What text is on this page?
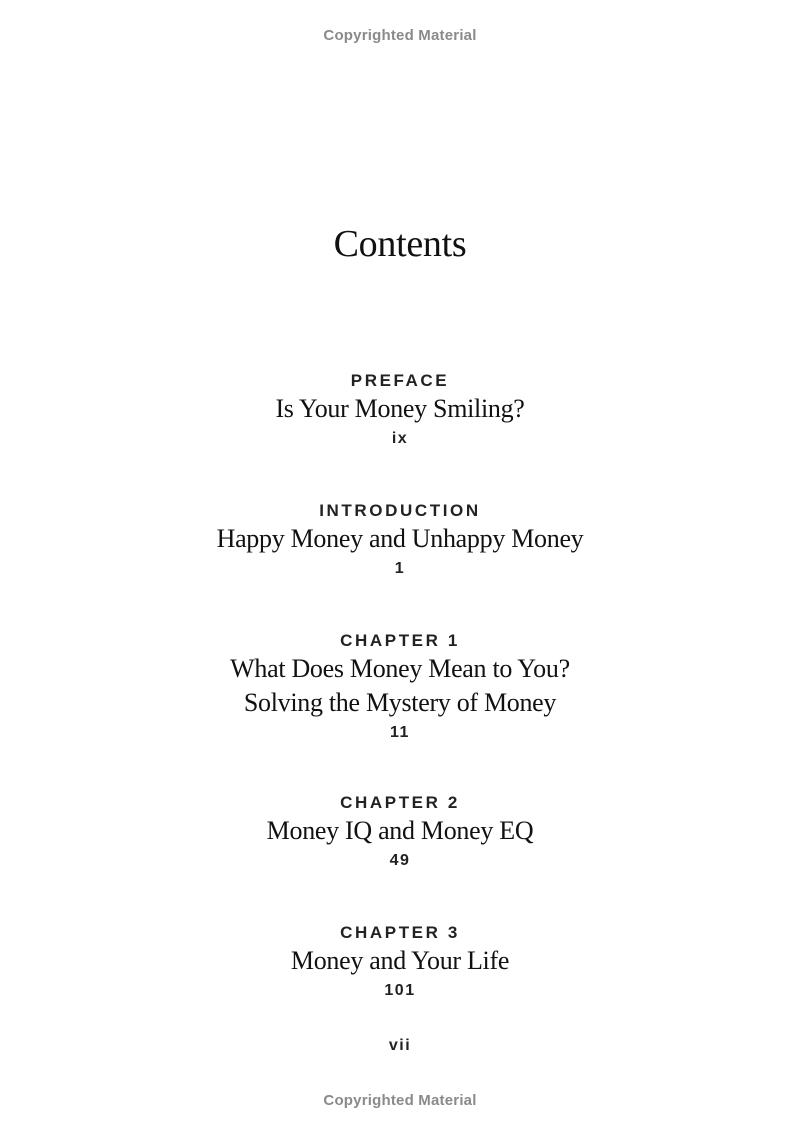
Copyrighted Material
Contents
PREFACE
Is Your Money Smiling?
ix
INTRODUCTION
Happy Money and Unhappy Money
1
CHAPTER 1
What Does Money Mean to You?
Solving the Mystery of Money
11
CHAPTER 2
Money IQ and Money EQ
49
CHAPTER 3
Money and Your Life
101
vii
Copyrighted Material
